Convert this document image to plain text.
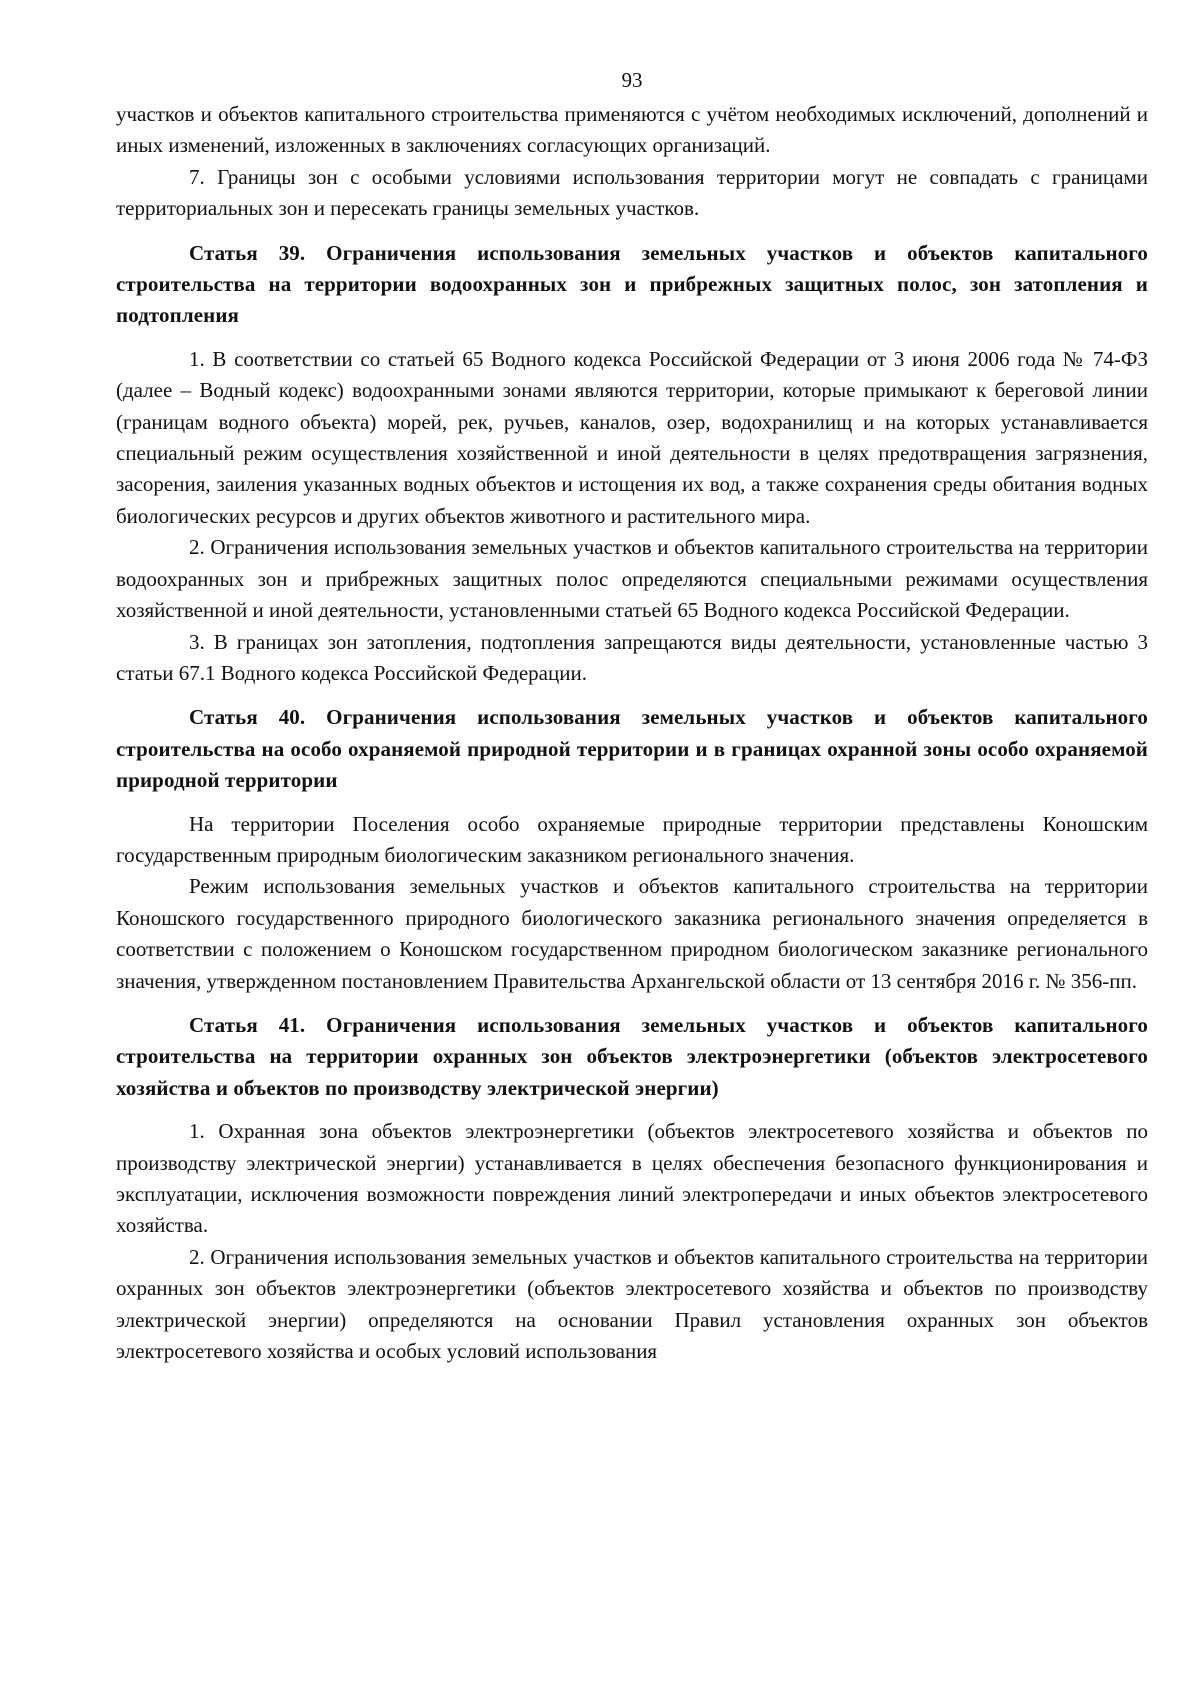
93

участков и объектов капитального строительства применяются с учётом необходимых исключений, дополнений и иных изменений, изложенных в заключениях согласующих организаций.

7. Границы зон с особыми условиями использования территории могут не совпадать с границами территориальных зон и пересекать границы земельных участков.

Статья 39. Ограничения использования земельных участков и объектов капитального строительства на территории водоохранных зон и прибрежных защитных полос, зон затопления и подтопления

1. В соответствии со статьей 65 Водного кодекса Российской Федерации от 3 июня 2006 года № 74-ФЗ (далее – Водный кодекс) водоохранными зонами являются территории, которые примыкают к береговой линии (границам водного объекта) морей, рек, ручьев, каналов, озер, водохранилищ и на которых устанавливается специальный режим осуществления хозяйственной и иной деятельности в целях предотвращения загрязнения, засорения, заиления указанных водных объектов и истощения их вод, а также сохранения среды обитания водных биологических ресурсов и других объектов животного и растительного мира.

2. Ограничения использования земельных участков и объектов капитального строительства на территории водоохранных зон и прибрежных защитных полос определяются специальными режимами осуществления хозяйственной и иной деятельности, установленными статьей 65 Водного кодекса Российской Федерации.

3. В границах зон затопления, подтопления запрещаются виды деятельности, установленные частью 3 статьи 67.1 Водного кодекса Российской Федерации.

Статья 40. Ограничения использования земельных участков и объектов капитального строительства на особо охраняемой природной территории и в границах охранной зоны особо охраняемой природной территории

На территории Поселения особо охраняемые природные территории представлены Коношским государственным природным биологическим заказником регионального значения.

Режим использования земельных участков и объектов капитального строительства на территории Коношского государственного природного биологического заказника регионального значения определяется в соответствии с положением о Коношском государственном природном биологическом заказнике регионального значения, утвержденном постановлением Правительства Архангельской области от 13 сентября 2016 г. № 356-пп.

Статья 41. Ограничения использования земельных участков и объектов капитального строительства на территории охранных зон объектов электроэнергетики (объектов электросетевого хозяйства и объектов по производству электрической энергии)

1. Охранная зона объектов электроэнергетики (объектов электросетевого хозяйства и объектов по производству электрической энергии) устанавливается в целях обеспечения безопасного функционирования и эксплуатации, исключения возможности повреждения линий электропередачи и иных объектов электросетевого хозяйства.

2. Ограничения использования земельных участков и объектов капитального строительства на территории охранных зон объектов электроэнергетики (объектов электросетевого хозяйства и объектов по производству электрической энергии) определяются на основании Правил установления охранных зон объектов электросетевого хозяйства и особых условий использования
